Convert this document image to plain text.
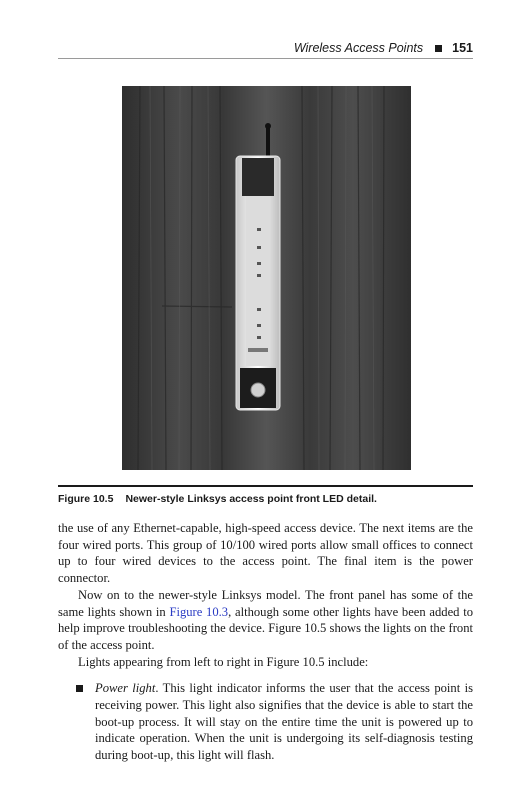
Wireless Access Points 151
Figure 10.5 Newer-style Linksys access point front LED detail.

the use of any Ethernet-capable, high-speed access device. The next items are the four wired ports. This group of 10/100 wired ports allow small offices to connect up to four wired devices to the access point. The final item is the power connector.

Now on to the newer-style Linksys model. The front panel has some of the same lights shown in Figure 10.3, although some other lights have been added to help improve troubleshooting the device. Figure 10.5 shows the lights on the front of the access point.

Lights appearing from left to right in Figure 10.5 include:

Power light. This light indicator informs the user that the access point is receiving power. This light also signifies that the device is able to start the boot-up process. It will stay on the entire time the unit is powered up to indicate operation. When the unit is undergoing its self-diagnosis testing during boot-up, this light will flash.
